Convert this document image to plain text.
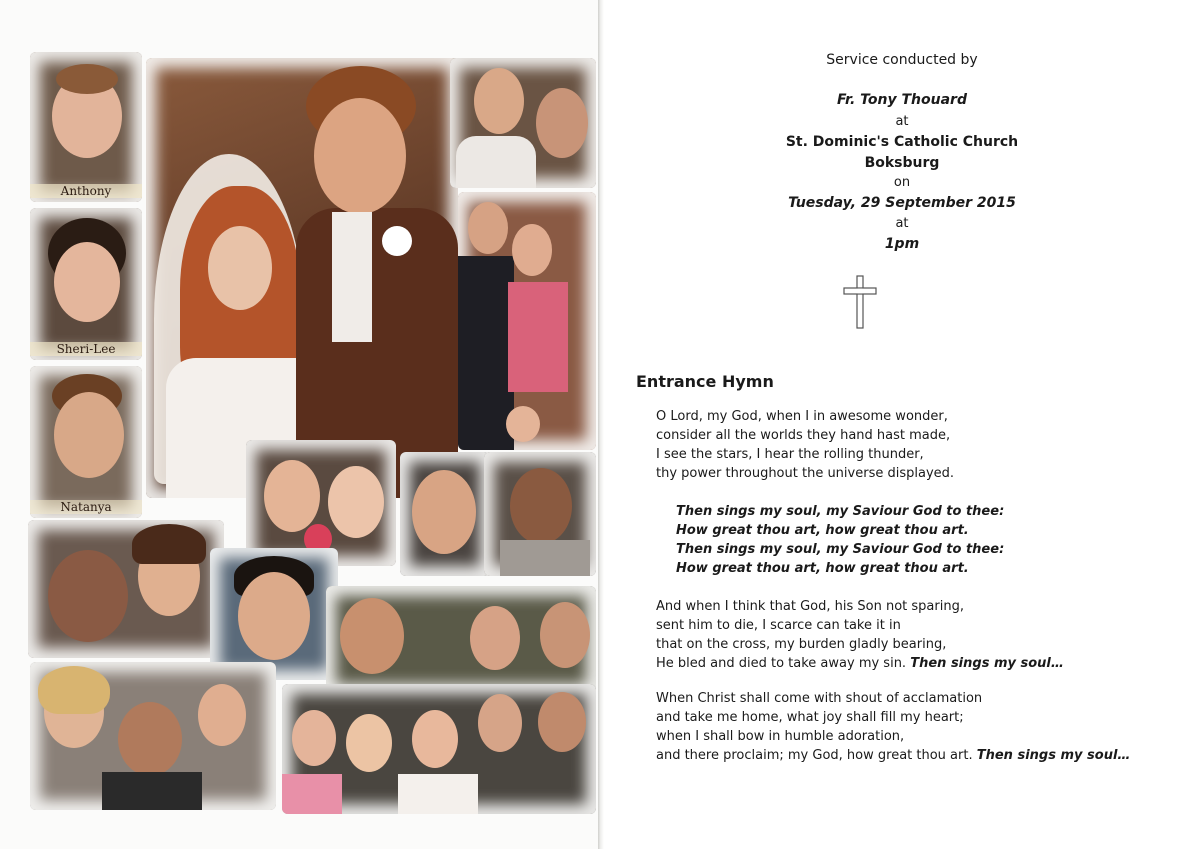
Anthony
Sheri-Lee
Natanya
Service conducted by
Fr. Tony Thouard
at
St. Dominic's Catholic Church
Boksburg
on
Tuesday, 29 September 2015
at
1pm
Entrance Hymn
O Lord, my God, when I in awesome wonder,
consider all the worlds they hand hast made,
I see the stars, I hear the rolling thunder,
thy power throughout the universe displayed.
Then sings my soul, my Saviour God to thee:
How great thou art, how great thou art.
Then sings my soul, my Saviour God to thee:
How great thou art, how great thou art.
And when I think that God, his Son not sparing,
sent him to die, I scarce can take it in
that on the cross, my burden gladly bearing,
He bled and died to take away my sin. Then sings my soul…
When Christ shall come with shout of acclamation
and take me home, what joy shall fill my heart;
when I shall bow in humble adoration,
and there proclaim; my God, how great thou art. Then sings my soul…
